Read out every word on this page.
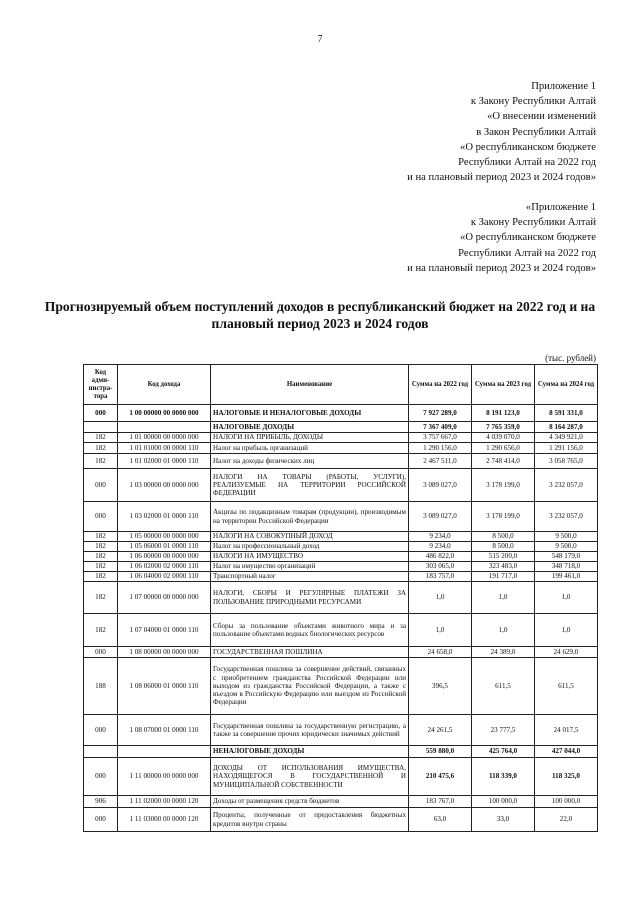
7
Приложение 1
к Закону Республики Алтай
«О внесении изменений
в Закон Республики Алтай
«О республиканском бюджете
Республики Алтай на 2022 год
и на плановый период 2023 и 2024 годов»
«Приложение 1
к Закону Республики Алтай
«О республиканском бюджете
Республики Алтай на 2022 год
и на плановый период 2023 и 2024 годов»
Прогнозируемый объем поступлений доходов в республиканский бюджет на 2022 год и на плановый период 2023 и 2024 годов
(тыс. рублей)
Код адми-нистра-тора	Код дохода	Наименование	Сумма на 2022 год	Сумма на 2023 год	Сумма на 2024 год
000	1 00 00000 00 0000 000	НАЛОГОВЫЕ И НЕНАЛОГОВЫЕ ДОХОДЫ	7 927 289,0	8 191 123,0	8 591 331,0
		НАЛОГОВЫЕ ДОХОДЫ	7 367 409,0	7 765 359,0	8 164 287,0
182	1 01 00000 00 0000 000	НАЛОГИ НА ПРИБЫЛЬ, ДОХОДЫ	3 757 667,0	4 039 070,0	4 349 921,0
182	1 01 01000 00 0000 110	Налог на прибыль организаций	1 290 156,0	1 290 656,0	1 291 156,0
182	1 01 02000 01 0000 110	Налог на доходы физических лиц	2 467 511,0	2 748 414,0	3 058 765,0
000	1 03 00000 00 0000 000	НАЛОГИ НА ТОВАРЫ (РАБОТЫ, УСЛУГИ), РЕАЛИЗУЕМЫЕ НА ТЕРРИТОРИИ РОССИЙСКОЙ ФЕДЕРАЦИИ	3 089 027,0	3 178 199,0	3 232 057,0
000	1 03 02000 01 0000 110	Акцизы по подакцизным товарам (продукции), производимым на территории Российской Федерации	3 089 027,0	3 178 199,0	3 232 057,0
182	1 05 00000 00 0000 000	НАЛОГИ НА СОВОКУПНЫЙ ДОХОД	9 234,0	8 500,0	9 500,0
182	1 05 06000 01 0000 110	Налог на профессиональный доход	9 234,0	8 500,0	9 500,0
182	1 06 00000 00 0000 000	НАЛОГИ НА ИМУЩЕСТВО	486 822,0	515 200,0	548 179,0
182	1 06 02000 02 0000 110	Налог на имущество организаций	303 065,0	323 483,0	348 718,0
182	1 06 04000 02 0000 110	Транспортный налог	183 757,0	191 717,0	199 461,0
182	1 07 00000 00 0000 000	НАЛОГИ, СБОРЫ И РЕГУЛЯРНЫЕ ПЛАТЕЖИ ЗА ПОЛЬЗОВАНИЕ ПРИРОДНЫМИ РЕСУРСАМИ	1,0	1,0	1,0
182	1 07 04000 01 0000 110	Сборы за пользование объектами животного мира и за пользование объектами водных биологических ресурсов	1,0	1,0	1,0
000	1 08 00000 00 0000 000	ГОСУДАРСТВЕННАЯ ПОШЛИНА	24 658,0	24 389,0	24 629,0
188	1 08 06000 01 0000 110	Государственная пошлина за совершение действий, связанных с приобретением гражданства Российской Федерации или выходом из гражданства Российской Федерации, а также с въездом в Российскую Федерацию или выездом из Российской Федерации	396,5	611,5	611,5
000	1 08 07000 01 0000 110	Государственная пошлина за государственную регистрацию, а также за совершение прочих юридически значимых действий	24 261,5	23 777,5	24 017,5
		НЕНАЛОГОВЫЕ ДОХОДЫ	559 880,0	425 764,0	427 044,0
000	1 11 00000 00 0000 000	ДОХОДЫ ОТ ИСПОЛЬЗОВАНИЯ ИМУЩЕСТВА, НАХОДЯЩЕГОСЯ В ГОСУДАРСТВЕННОЙ И МУНИЦИПАЛЬНОЙ СОБСТВЕННОСТИ	210 475,6	118 339,0	118 325,0
906	1 11 02000 00 0000 120	Доходы от размещения средств бюджетов	183 767,0	100 000,0	100 000,0
000	1 11 03000 00 0000 120	Проценты, полученные от предоставления бюджетных кредитов внутри страны	63,0	33,0	22,0
